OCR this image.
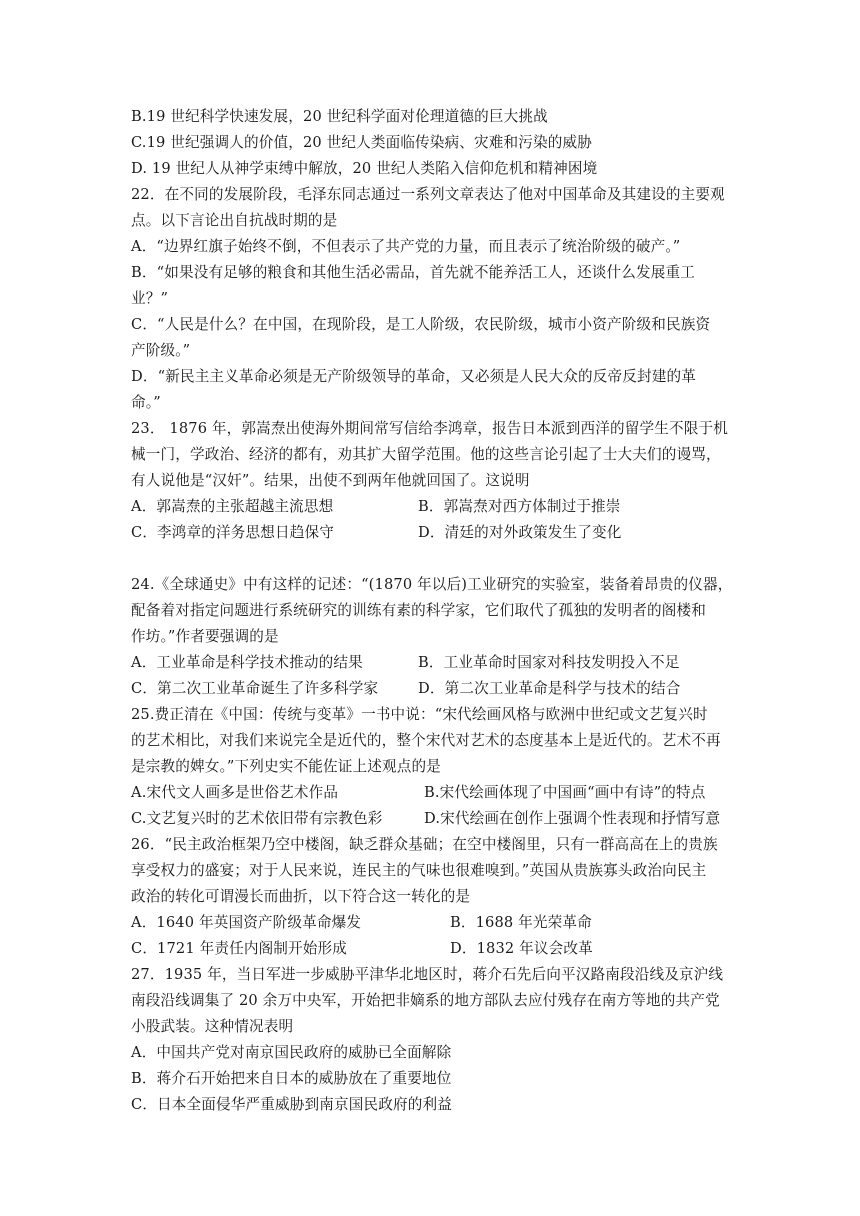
B.19 世纪科学快速发展，20 世纪科学面对伦理道德的巨大挑战
C.19 世纪强调人的价值，20 世纪人类面临传染病、灾难和污染的威胁
D. 19 世纪人从神学束缚中解放，20 世纪人类陷入信仰危机和精神困境
22．在不同的发展阶段，毛泽东同志通过一系列文章表达了他对中国革命及其建设的主要观
点。以下言论出自抗战时期的是
A．“边界红旗子始终不倒，不但表示了共产党的力量，而且表示了统治阶级的破产。”
B．“如果没有足够的粮食和其他生活必需品，首先就不能养活工人，还谈什么发展重工
业？”
C．“人民是什么？在中国，在现阶段，是工人阶级，农民阶级，城市小资产阶级和民族资
产阶级。”
D．“新民主主义革命必须是无产阶级领导的革命，又必须是人民大众的反帝反封建的革
命。”
23． 1876 年，郭嵩焘出使海外期间常写信给李鸿章，报告日本派到西洋的留学生不限于机
械一门，学政治、经济的都有，劝其扩大留学范围。他的这些言论引起了士大夫们的谩骂，
有人说他是“汉奸”。结果，出使不到两年他就回国了。这说明
A．郭嵩焘的主张超越主流思想	B．郭嵩焘对西方体制过于推崇
C．李鸿章的洋务思想日趋保守	D．清廷的对外政策发生了变化
24.《全球通史》中有这样的记述：“(1870 年以后)工业研究的实验室，装备着昂贵的仪器，
配备着对指定问题进行系统研究的训练有素的科学家，它们取代了孤独的发明者的阁楼和
作坊。”作者要强调的是
A．工业革命是科学技术推动的结果	B．工业革命时国家对科技发明投入不足
C．第二次工业革命诞生了许多科学家	D．第二次工业革命是科学与技术的结合
25.费正清在《中国：传统与变革》一书中说：“宋代绘画风格与欧洲中世纪或文艺复兴时
的艺术相比，对我们来说完全是近代的，整个宋代对艺术的态度基本上是近代的。艺术不再
是宗教的婢女。”下列史实不能佐证上述观点的是
A.宋代文人画多是世俗艺术作品	B.宋代绘画体现了中国画“画中有诗”的特点
C.文艺复兴时的艺术依旧带有宗教色彩	D.宋代绘画在创作上强调个性表现和抒情写意
26．“民主政治框架乃空中楼阁，缺乏群众基础；在空中楼阁里，只有一群高高在上的贵族
享受权力的盛宴；对于人民来说，连民主的气味也很难嗅到。”英国从贵族寡头政治向民主
政治的转化可谓漫长而曲折，以下符合这一转化的是
A．1640 年英国资产阶级革命爆发	B．1688 年光荣革命
C．1721 年责任内阁制开始形成	D．1832 年议会改革
27．1935 年，当日军进一步威胁平津华北地区时，蒋介石先后向平汉路南段沿线及京沪线
南段沿线调集了 20 余万中央军，开始把非嫡系的地方部队去应付残存在南方等地的共产党
小股武装。这种情况表明
A．中国共产党对南京国民政府的威胁已全面解除
B．蒋介石开始把来自日本的威胁放在了重要地位
C．日本全面侵华严重威胁到南京国民政府的利益
